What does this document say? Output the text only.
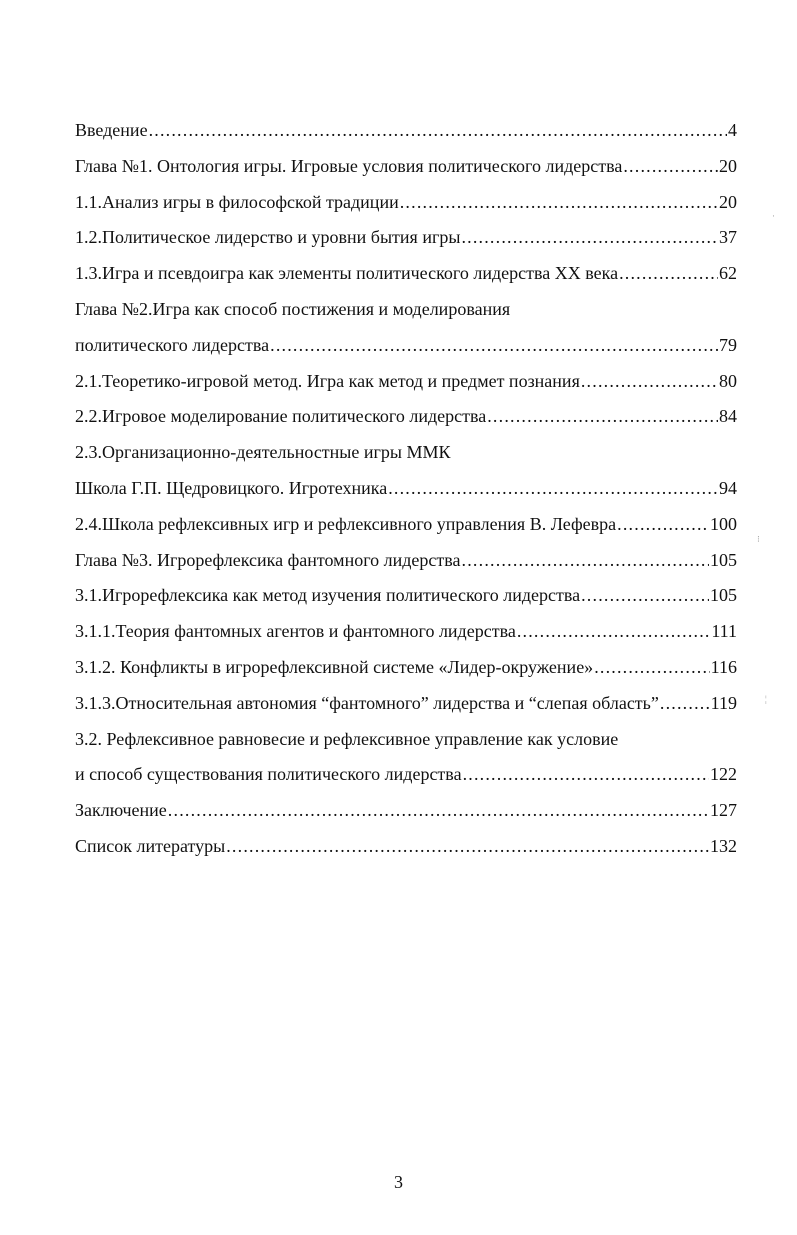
Введение .....	4
Глава №1. Онтология игры. Игровые условия политического лидерства .....	20
1.1.Анализ игры в философской традиции .....	20
1.2.Политическое лидерство и уровни бытия игры .....	37
1.3.Игра и псевдоигра как элементы политического лидерства XX века .....	62
Глава №2.Игра как способ постижения и моделирования
политического лидерства .....	79
2.1.Теоретико-игровой метод. Игра как метод и предмет познания .....	80
2.2.Игровое моделирование политического лидерства .....	84
2.3.Организационно-деятельностные игры ММК
Школа Г.П. Щедровицкого. Игротехника .....	94
2.4.Школа рефлексивных игр и рефлексивного управления В. Лефевра .....	100
Глава №3. Игрорефлексика фантомного лидерства .....	105
3.1.Игрорефлексика как метод изучения политического лидерства .....	105
3.1.1.Теория фантомных агентов и фантомного лидерства .....	111
3.1.2. Конфликты в игрорефлексивной системе «Лидер-окружение» .....	116
3.1.3.Относительная автономия “фантомного” лидерства и “слепая область” .....	119
3.2. Рефлексивное равновесие и рефлексивное управление как условие
и способ существования политического лидерства .....	122
Заключение .....	127
Список литературы .....	132
·
⁝
¦
3
